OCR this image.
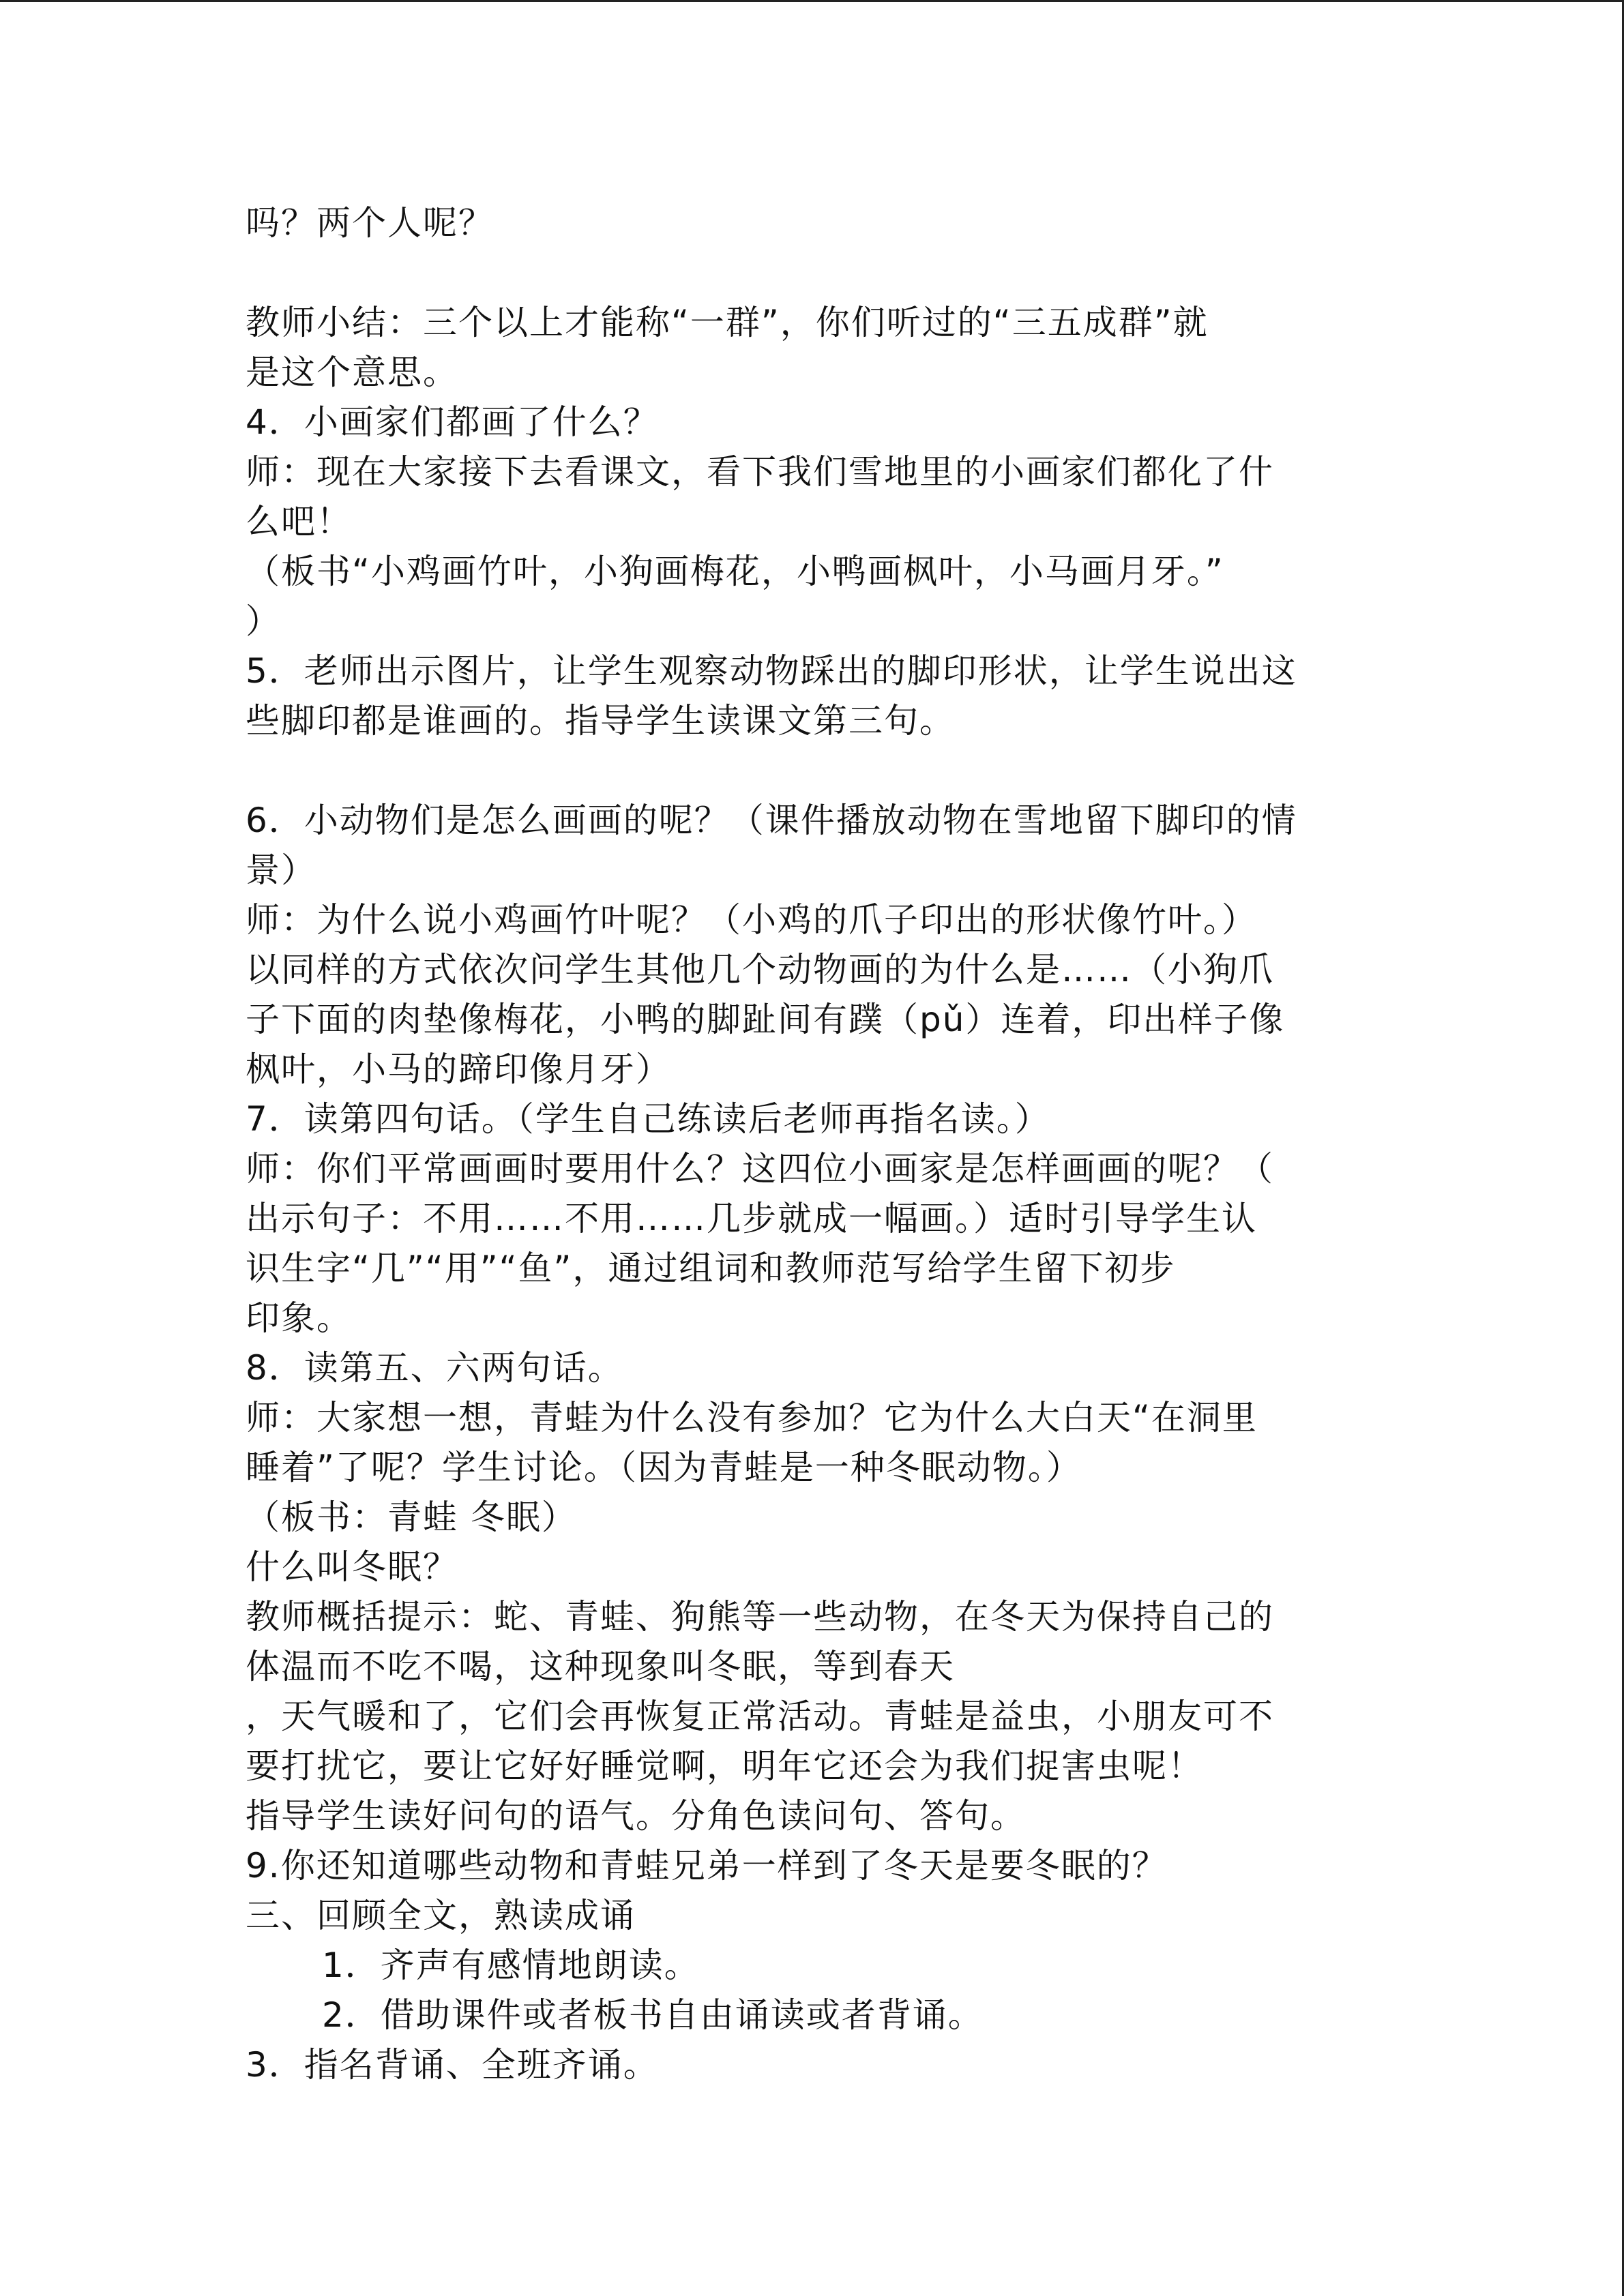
吗？两个人呢？
教师小结：三个以上才能称“一群”，你们听过的“三五成群”就
是这个意思。
4．小画家们都画了什么？
师：现在大家接下去看课文，看下我们雪地里的小画家们都化了什
么吧！
（板书“小鸡画竹叶，小狗画梅花，小鸭画枫叶，小马画月牙。”
）
5．老师出示图片，让学生观察动物踩出的脚印形状，让学生说出这
些脚印都是谁画的。指导学生读课文第三句。
6．小动物们是怎么画画的呢？（课件播放动物在雪地留下脚印的情
景）
师：为什么说小鸡画竹叶呢？（小鸡的爪子印出的形状像竹叶。）
以同样的方式依次问学生其他几个动物画的为什么是……（小狗爪
子下面的肉垫像梅花，小鸭的脚趾间有蹼（pǔ）连着，印出样子像
枫叶，小马的蹄印像月牙）
7．读第四句话。（学生自己练读后老师再指名读。）
师：你们平常画画时要用什么？这四位小画家是怎样画画的呢？（
出示句子：不用……不用……几步就成一幅画。）适时引导学生认
识生字“几”“用”“鱼”，通过组词和教师范写给学生留下初步
印象。
8．读第五、六两句话。
师：大家想一想，青蛙为什么没有参加？它为什么大白天“在洞里
睡着”了呢？学生讨论。（因为青蛙是一种冬眠动物。）
（板书：青蛙 冬眠）
什么叫冬眠？
教师概括提示：蛇、青蛙、狗熊等一些动物，在冬天为保持自己的
体温而不吃不喝，这种现象叫冬眠，等到春天
，天气暖和了，它们会再恢复正常活动。青蛙是益虫，小朋友可不
要打扰它，要让它好好睡觉啊，明年它还会为我们捉害虫呢！
指导学生读好问句的语气。分角色读问句、答句。
9.你还知道哪些动物和青蛙兄弟一样到了冬天是要冬眠的？
三、回顾全文，熟读成诵
1．齐声有感情地朗读。
2．借助课件或者板书自由诵读或者背诵。
3．指名背诵、全班齐诵。
